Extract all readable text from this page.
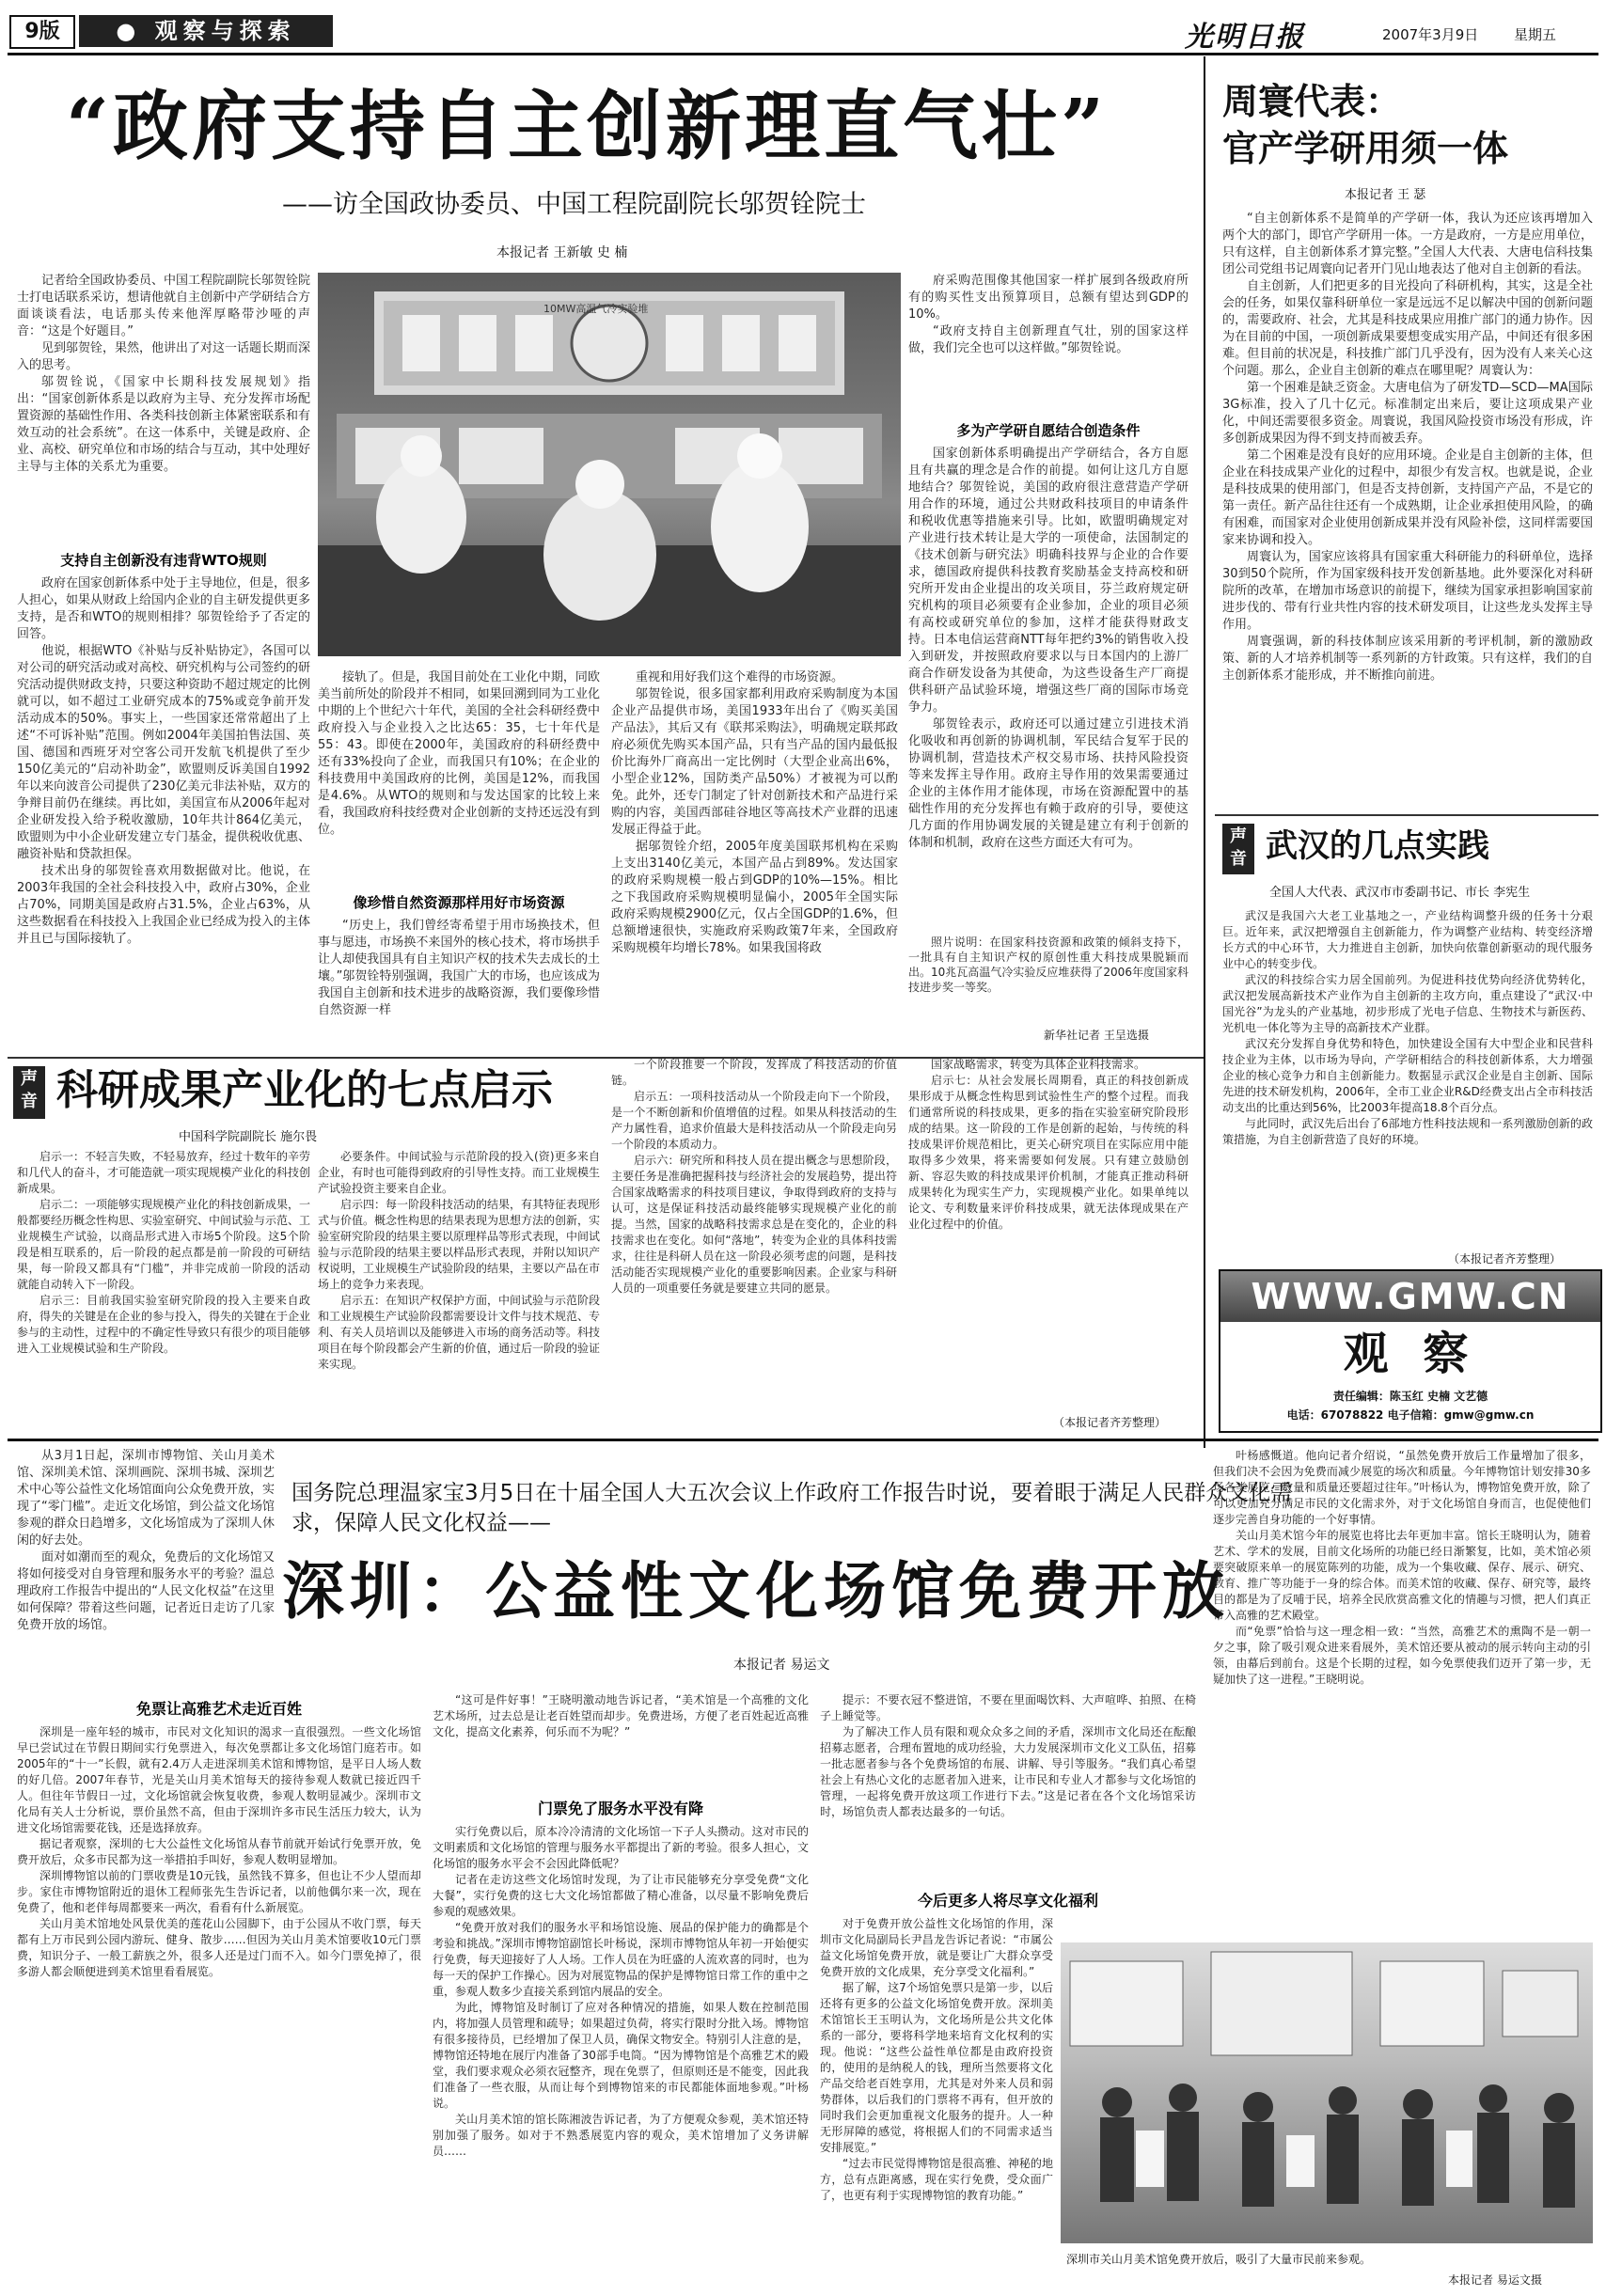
9版	● 观察与探索	光明日报	2007年3月9日	星期五
“政府支持自主创新理直气壮”
——访全国政协委员、中国工程院副院长邬贺铨院士
本报记者 王新敏 史 楠

记者给全国政协委员、中国工程院副院长邬贺铨院士打电话联系采访，想请他就自主创新中产学研结合方面谈谈看法，电话那头传来他浑厚略带沙哑的声音：“这是个好题目。”

见到邬贺铨，果然，他讲出了对这一话题长期而深入的思考。

邬贺铨说，《国家中长期科技发展规划》指出：“国家创新体系是以政府为主导、充分发挥市场配置资源的基础性作用、各类科技创新主体紧密联系和有效互动的社会系统”。在这一体系中，关键是政府、企业、高校、研究单位和市场的结合与互动，其中处理好主导与主体的关系尤为重要。

支持自主创新没有违背WTO规则

政府在国家创新体系中处于主导地位，但是，很多人担心，如果从财政上给国内企业的自主研发提供更多支持，是否和WTO的规则相排？邬贺铨给予了否定的回答。

他说，根据WTO《补贴与反补贴协定》，各国可以对公司的研究活动或对高校、研究机构与公司签约的研究活动提供财政支持，只要这种资助不超过规定的比例就可以，如不超过工业研究成本的75%或竞争前开发活动成本的50%。事实上，一些国家还常常超出了上述“不可诉补贴”范围。例如2004年美国拍售法国、英国、德国和西班牙对空客公司开发航飞机提供了至少150亿美元的“启动补助金”，欧盟则反诉美国自1992年以来向波音公司提供了230亿美元非法补贴，双方的争辩目前仍在继续。再比如，美国宣布从2006年起对企业研发投入给予税收激励，10年共计864亿美元，欧盟则为中小企业研发建立专门基金，提供税收优惠、融资补贴和贷款担保。

技术出身的邬贺铨喜欢用数据做对比。他说，在2003年我国的全社会科技投入中，政府占30%，企业占70%，同期美国是政府占31.5%，企业占63%，从这些数据看在科技投入上我国企业已经成为投入的主体并且已与国际接轨了。

10MW高温气冷实验堆

接轨了。但是，我国目前处在工业化中期，同欧美当前所处的阶段并不相同，如果回溯到同为工业化中期的上个世纪六十年代，美国的全社会科研经费中政府投入与企业投入之比达65：35，七十年代是55：43。即使在2000年，美国政府的科研经费中还有33%投向了企业，而我国只有10%；在企业的科技费用中美国政府的比例，美国是12%，而我国是4.6%。从WTO的规则和与发达国家的比较上来看，我国政府科技经费对企业创新的支持还远没有到位。

像珍惜自然资源那样用好市场资源

“历史上，我们曾经寄希望于用市场换技术，但事与愿违，市场换不来国外的核心技术，将市场拱手让人却使我国具有自主知识产权的技术失去成长的土壤。”邬贺铨特别强调，我国广大的市场，也应该成为我国自主创新和技术进步的战略资源，我们要像珍惜自然资源一样

重视和用好我们这个难得的市场资源。

邬贺铨说，很多国家都利用政府采购制度为本国企业产品提供市场，美国1933年出台了《购买美国产品法》，其后又有《联邦采购法》，明确规定联邦政府必须优先购买本国产品，只有当产品的国内最低报价比海外厂商高出一定比例时（大型企业高出6%，小型企业12%，国防类产品50%）才被视为可以酌免。此外，还专门制定了针对创新技术和产品进行采购的内容，美国西部硅谷地区等高技术产业群的迅速发展正得益于此。

据邬贺铨介绍，2005年度美国联邦机构在采购上支出3140亿美元，本国产品占到89%。发达国家的政府采购规模一般占到GDP的10%—15%。相比之下我国政府采购规模明显偏小，2005年全国实际政府采购规模2900亿元，仅占全国GDP的1.6%，但总额增速很快，实施政府采购政策7年来，全国政府采购规模年均增长78%。如果我国将政

府采购范围像其他国家一样扩展到各级政府所有的购买性支出预算项目，总额有望达到GDP的10%。

“政府支持自主创新理直气壮，别的国家这样做，我们完全也可以这样做。”邬贺铨说。

多为产学研自愿结合创造条件

国家创新体系明确提出产学研结合，各方自愿且有共赢的理念是合作的前提。如何让这几方自愿地结合？邬贺铨说，美国的政府很注意营造产学研用合作的环境，通过公共财政科技项目的申请条件和税收优惠等措施来引导。比如，欧盟明确规定对产业进行技术转让是大学的一项使命，法国制定的《技术创新与研究法》明确科技界与企业的合作要求，德国政府提供科技教育奖励基金支持高校和研究所开发由企业提出的攻关项目，芬兰政府规定研究机构的项目必须要有企业参加，企业的项目必须有高校或研究单位的参加，这样才能获得财政支持。日本电信运营商NTT每年把约3%的销售收入投入到研发，并按照政府要求以与日本国内的上游厂商合作研发设备为其使命，为这些设备生产厂商提供科研产品试验环境，增强这些厂商的国际市场竞争力。

邬贺铨表示，政府还可以通过建立引进技术消化吸收和再创新的协调机制，军民结合复军于民的协调机制，营造技术产权交易市场、扶持风险投资等来发挥主导作用。政府主导作用的效果需要通过企业的主体作用才能体现，市场在资源配置中的基础性作用的充分发挥也有赖于政府的引导，要使这几方面的作用协调发展的关键是建立有利于创新的体制和机制，政府在这些方面还大有可为。

照片说明：在国家科技资源和政策的倾斜支持下，一批具有自主知识产权的原创性重大科技成果脱颖而出。10兆瓦高温气冷实验反应堆获得了2006年度国家科技进步奖一等奖。

新华社记者 王呈选摄
周寰代表：
官产学研用须一体
本报记者 王 瑟

“自主创新体系不是简单的产学研一体，我认为还应该再增加入两个大的部门，即官产学研用一体。一方是政府，一方是应用单位，只有这样，自主创新体系才算完整。”全国人大代表、大唐电信科技集团公司党组书记周寰向记者开门见山地表达了他对自主创新的看法。

自主创新，人们把更多的目光投向了科研机构，其实，这是全社会的任务，如果仅靠科研单位一家是远远不足以解决中国的创新问题的，需要政府、社会，尤其是科技成果应用推广部门的通力协作。因为在目前的中国，一项创新成果要想变成实用产品，中间还有很多困难。但目前的状况是，科技推广部门几乎没有，因为没有人来关心这个问题。那么，企业自主创新的难点在哪里呢？周寰认为：

第一个困难是缺乏资金。大唐电信为了研发TD—SCD—MA国际3G标准，投入了几十亿元。标准制定出来后，要让这项成果产业化，中间还需要很多资金。周寰说，我国风险投资市场没有形成，许多创新成果因为得不到支持而被丢弃。

第二个困难是没有良好的应用环境。企业是自主创新的主体，但企业在科技成果产业化的过程中，却很少有发言权。也就是说，企业是科技成果的使用部门，但是否支持创新，支持国产产品，不是它的第一责任。新产品往往还有一个成熟期，让企业承担使用风险，的确有困难，而国家对企业使用创新成果并没有风险补偿，这同样需要国家来协调和投入。

周寰认为，国家应该将具有国家重大科研能力的科研单位，选择30到50个院所，作为国家级科技开发创新基地。此外要深化对科研院所的改革，在增加市场意识的前提下，继续为国家承担影响国家前进步伐的、带有行业共性内容的技术研发项目，让这些龙头发挥主导作用。

周寰强调，新的科技体制应该采用新的考评机制，新的激励政策、新的人才培养机制等一系列新的方针政策。只有这样，我们的自主创新体系才能形成，并不断推向前进。

声音 武汉的几点实践
全国人大代表、武汉市市委副书记、市长 李宪生

武汉是我国六大老工业基地之一，产业结构调整升级的任务十分艰巨。近年来，武汉把增强自主创新能力，作为调整产业结构、转变经济增长方式的中心环节，大力推进自主创新，加快向依靠创新驱动的现代服务业中心的转变步伐。

武汉的科技综合实力居全国前列。为促进科技优势向经济优势转化，武汉把发展高新技术产业作为自主创新的主攻方向，重点建设了“武汉·中国光谷”为龙头的产业基地，初步形成了光电子信息、生物技术与新医药、光机电一体化等为主导的高新技术产业群。

武汉充分发挥自身优势和特色，加快建设全国有大中型企业和民营科技企业为主体，以市场为导向，产学研相结合的科技创新体系，大力增强企业的核心竞争力和自主创新能力。数据显示武汉企业是自主创新、国际先进的技术研发机构，2006年，全市工业企业R&D经费支出占全市科技活动支出的比重达到56%，比2003年提高18.8个百分点。

与此同时，武汉先后出台了6部地方性科技法规和一系列激励创新的政策措施，为自主创新营造了良好的环境。

（本报记者齐芳整理）
WWW.GMW.CN
观 察
责任编辑：陈玉红 史楠 文艺德
电话：67078822 电子信箱：gmw@gmw.cn
声音 科研成果产业化的七点启示
中国科学院副院长 施尔畏

启示一：不轻言失败，不轻易放弃，经过十数年的辛劳和几代人的奋斗，才可能造就一项实现规模产业化的科技创新成果。

启示二：一项能够实现规模产业化的科技创新成果，一般都要经历概念性构思、实验室研究、中间试验与示范、工业规模生产试验，以商品形式进入市场5个阶段。这5个阶段是相互联系的，后一阶段的起点都是前一阶段的可研结果，每一阶段又都具有“门槛”，并非完成前一阶段的活动就能自动转入下一阶段。

启示三：目前我国实验室研究阶段的投入主要来自政府，得失的关键是在企业的参与投入，得失的关键在于企业参与的主动性，过程中的不确定性导致只有很少的项目能够进入工业规模试验和生产阶段。

必要条件。中间试验与示范阶段的投入(资)更多来自企业，有时也可能得到政府的引导性支持。而工业规模生产试验投资主要来自企业。

启示四：每一阶段科技活动的结果，有其特征表现形式与价值。概念性构思的结果表现为思想方法的创新，实验室研究阶段的结果主要以原理样品等形式表现，中间试验与示范阶段的结果主要以样品形式表现，并附以知识产权说明，工业规模生产试验阶段的结果，主要以产品在市场上的竞争力来表现。

启示五：在知识产权保护方面，中间试验与示范阶段和工业规模生产试验阶段都需要设计文件与技术规范、专利、有关人员培训以及能够进入市场的商务活动等。科技项目在每个阶段都会产生新的价值，通过后一阶段的验证来实现。

一个阶段推要一个阶段，发挥成了科技活动的价值链。

启示五：一项科技活动从一个阶段走向下一个阶段，是一个不断创新和价值增值的过程。如果从科技活动的生产力属性看，追求价值最大是科技活动从一个阶段走向另一个阶段的本质动力。

启示六：研究所和科技人员在提出概念与思想阶段，主要任务是准确把握科技与经济社会的发展趋势，提出符合国家战略需求的科技项目建议，争取得到政府的支持与认可，这是保证科技活动最终能够实现规模产业化的前提。当然，国家的战略科技需求总是在变化的，企业的科技需求也在变化。如何“落地”，转变为企业的具体科技需求，往往是科研人员在这一阶段必须考虑的问题，是科技活动能否实现规模产业化的重要影响因素。企业家与科研人员的一项重要任务就是要建立共同的愿景。

国家战略需求，转变为具体企业科技需求。

启示七：从社会发展长周期看，真正的科技创新成果形成于从概念性构思到试验性生产的整个过程。而我们通常所说的科技成果，更多的指在实验室研究阶段形成的结果。这一阶段的工作是创新的起始，与传统的科技成果评价规范相比，更关心研究项目在实际应用中能取得多少效果，将来需要如何发展。只有建立鼓励创新、容忍失败的科技成果评价机制，才能真正推动科研成果转化为现实生产力，实现规模产业化。如果单纯以论文、专利数量来评价科技成果，就无法体现成果在产业化过程中的价值。

（本报记者齐芳整理）

从3月1日起，深圳市博物馆、关山月美术馆、深圳美术馆、深圳画院、深圳书城、深圳艺术中心等公益性文化场馆面向公众免费开放，实现了“零门槛”。走近文化场馆，到公益文化场馆参观的群众日趋增多，文化场馆成为了深圳人休闲的好去处。

面对如潮而至的观众，免费后的文化场馆又将如何接受对自身管理和服务水平的考验？温总理政府工作报告中提出的“人民文化权益”在这里如何保障？带着这些问题，记者近日走访了几家免费开放的场馆。

国务院总理温家宝3月5日在十届全国人大五次会议上作政府工作报告时说，要着眼于满足人民群众文化需求，保障人民文化权益——
深圳：公益性文化场馆免费开放
本报记者 易运文
免票让高雅艺术走近百姓

深圳是一座年轻的城市，市民对文化知识的渴求一直很强烈。一些文化场馆早已尝试过在节假日期间实行免票进入，每次免票都让多文化场馆门庭若市。如2005年的“十一”长假，就有2.4万人走进深圳美术馆和博物馆，是平日人场人数的好几倍。2007年春节，光是关山月美术馆每天的接待参观人数就已接近四千人。但往年节假日一过，文化场馆就会恢复收费，参观人数明显减少。深圳市文化局有关人士分析说，票价虽然不高，但由于深圳许多市民生活压力较大，认为进文化场馆需要花钱，还是选择放弃。

据记者观察，深圳的七大公益性文化场馆从春节前就开始试行免票开放，免费开放后，众多市民都为这一举措拍手叫好，参观人数明显增加。

深圳博物馆以前的门票收费是10元钱，虽然钱不算多，但也让不少人望而却步。家住市博物馆附近的退休工程师张先生告诉记者，以前他偶尔来一次，现在免费了，他和老伴每周都要来一两次，看看有什么新展览。

关山月美术馆地处风景优美的莲花山公园脚下，由于公园从不收门票，每天都有上万市民到公园内游玩、健身、散步……但因为关山月美术馆要收10元门票费，知识分子、一般工薪族之外，很多人还是过门而不入。如今门票免掉了，很多游人都会顺便进到美术馆里看看展览。

“这可是件好事！”王晓明激动地告诉记者，“美术馆是一个高雅的文化艺术场所，过去总是让老百姓望而却步。免费进场，方便了老百姓起近高雅文化，提高文化素养，何乐而不为呢？”

门票免了服务水平没有降

实行免费以后，原本冷冷清清的文化场馆一下子人头攒动。这对市民的文明素质和文化场馆的管理与服务水平都提出了新的考验。很多人担心，文化场馆的服务水平会不会因此降低呢？

记者在走访这些文化场馆时发现，为了让市民能够充分享受免费“文化大餐”，实行免费的这七大文化场馆都做了精心准备，以尽量不影响免费后参观的观感效果。

“免费开放对我们的服务水平和场馆设施、展品的保护能力的确都是个考验和挑战。”深圳市博物馆副馆长叶杨说，深圳市博物馆从年初一开始便实行免费，每天迎接好了人人场。工作人员在为旺盛的人流欢喜的同时，也为每一天的保护工作操心。因为对展览物品的保护是博物馆日常工作的重中之重，参观人数多少直接关系到馆内展品的安全。

为此，博物馆及时制订了应对各种情况的措施，如果人数在控制范围内，将加强人员管理和疏导；如果超过负荷，将实行限时分批入场。博物馆有很多接待员，已经增加了保卫人员，确保文物安全。特别引人注意的是，博物馆还特地在展厅内准备了30部手电筒。“因为博物馆是个高雅艺术的殿堂，我们要求观众必须衣冠整齐，现在免票了，但原则还是不能变，因此我们准备了一些衣服，从而让每个到博物馆来的市民都能体面地参观。”叶杨说。

关山月美术馆的馆长陈湘波告诉记者，为了方便观众参观，美术馆还特别加强了服务。如对于不熟悉展览内容的观众，美术馆增加了义务讲解员……

提示：不要衣冠不整进馆，不要在里面喝饮料、大声喧哗、拍照、在椅子上睡觉等。

为了解决工作人员有限和观众众多之间的矛盾，深圳市文化局还在酝酿招募志愿者，合理布置地的成功经验，大力发展深圳市文化义工队伍，招募一批志愿者参与各个免费场馆的布展、讲解、导引等服务。“我们真心希望社会上有热心文化的志愿者加入进来，让市民和专业人才都参与文化场馆的管理，一起将免费开放这项工作进行下去。”这是记者在各个文化场馆采访时，场馆负责人都表达最多的一句话。

今后更多人将尽享文化福利

对于免费开放公益性文化场馆的作用，深圳市文化局副局长尹昌龙告诉记者说：“市属公益文化场馆免费开放，就是要让广大群众享受免费开放的文化成果，充分享受文化福利。”

据了解，这7个场馆免票只是第一步，以后还将有更多的公益文化场馆免费开放。深圳美术馆馆长王玉明认为，文化场所是公共文化体系的一部分，要将科学地来培育文化权利的实现。他说：“这些公益性单位都是由政府投资的，使用的是纳税人的钱，理所当然要将文化产品交给老百姓享用，尤其是对外来人员和弱势群体，以后我们的门票将不再有，但开放的同时我们会更加重视文化服务的提升。人一种无形屏障的感觉，将根据人们的不同需求适当安排展览。”

“过去市民觉得博物馆是很高雅、神秘的地方，总有点距离感，现在实行免费，受众面广了，也更有利于实现博物馆的教育功能。”

叶杨感慨道。他向记者介绍说，“虽然免费开放后工作量增加了很多，但我们决不会因为免费而减少展览的场次和质量。今年博物馆计划安排30多场各类展览，数量和质量还要超过往年。”叶杨认为，博物馆免费开放，除了可以更加充分满足市民的文化需求外，对于文化场馆自身而言，也促使他们逐步完善自身功能的一个好事情。

关山月美术馆今年的展览也将比去年更加丰富。馆长王晓明认为，随着艺术、学术的发展，目前文化场所的功能已经日渐繁复，比如，美术馆必须要突破原来单一的展览陈列的功能，成为一个集收藏、保存、展示、研究、教育、推广等功能于一身的综合体。而美术馆的收藏、保存、研究等，最终目的都是为了反哺于民，培养全民欣赏高雅文化的情趣与习惯，把人们真正带入高雅的艺术殿堂。

而“免票”恰恰与这一理念相一致：“当然，高雅艺术的熏陶不是一朝一夕之事，除了吸引观众进来看展外，美术馆还要从被动的展示转向主动的引领，由幕后到前台。这是个长期的过程，如今免票使我们迈开了第一步，无疑加快了这一进程。”王晓明说。

深圳市关山月美术馆免费开放后，吸引了大量市民前来参观。
本报记者 易运文摄
